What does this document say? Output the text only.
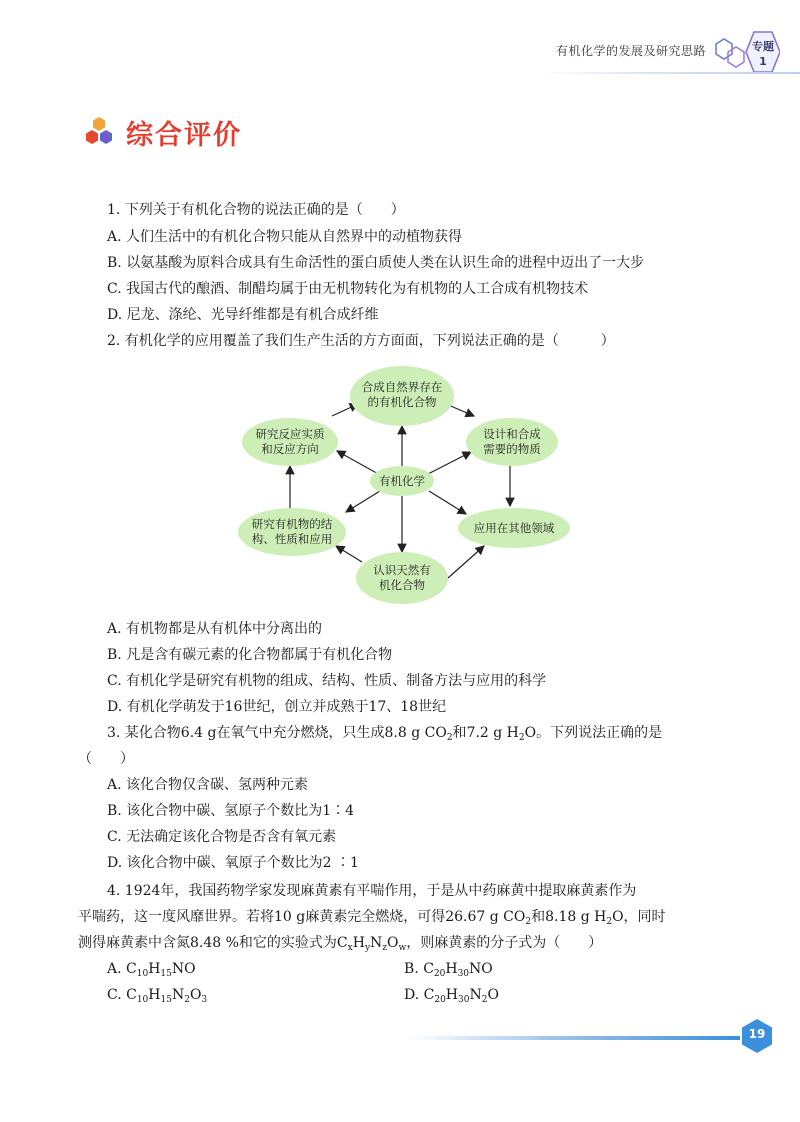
有机化学的发展及研究思路	专题
1
综合评价
1. 下列关于有机化合物的说法正确的是（　　）
A. 人们生活中的有机化合物只能从自然界中的动植物获得
B. 以氨基酸为原料合成具有生命活性的蛋白质使人类在认识生命的进程中迈出了一大步
C. 我国古代的酿酒、制醋均属于由无机物转化为有机物的人工合成有机物技术
D. 尼龙、涤纶、光导纤维都是有机合成纤维
2. 有机化学的应用覆盖了我们生产生活的方方面面，下列说法正确的是（　　　）
合成自然界存在
的有机化合物
研究反应实质
和反应方向
设计和合成
需要的物质
有机化学
研究有机物的结
构、性质和应用
应用在其他领域
认识天然有
机化合物
A. 有机物都是从有机体中分离出的
B. 凡是含有碳元素的化合物都属于有机化合物
C. 有机化学是研究有机物的组成、结构、性质、制备方法与应用的科学
D. 有机化学萌发于16世纪，创立并成熟于17、18世纪
3. 某化合物6.4 g在氧气中充分燃烧，只生成8.8 g $CO_2$和7.2 g $H_2O$。下列说法正确的是
（　　）
A. 该化合物仅含碳、氢两种元素
B. 该化合物中碳、氢原子个数比为1∶4
C. 无法确定该化合物是否含有氧元素
D. 该化合物中碳、氧原子个数比为2 ∶1
4. 1924年，我国药物学家发现麻黄素有平喘作用，于是从中药麻黄中提取麻黄素作为
平喘药，这一度风靡世界。若将10 g麻黄素完全燃烧，可得26.67 g $CO_2$和8.18 g $H_2O$，同时
测得麻黄素中含氮8.48 %和它的实验式为$C_xH_yN_zO_w$，则麻黄素的分子式为（　　）
A. $C_{10}H_{15}NO$	B. $C_{20}H_{30}NO$
C. $C_{10}H_{15}N_2O_3$	D. $C_{20}H_{30}N_2O$
19
